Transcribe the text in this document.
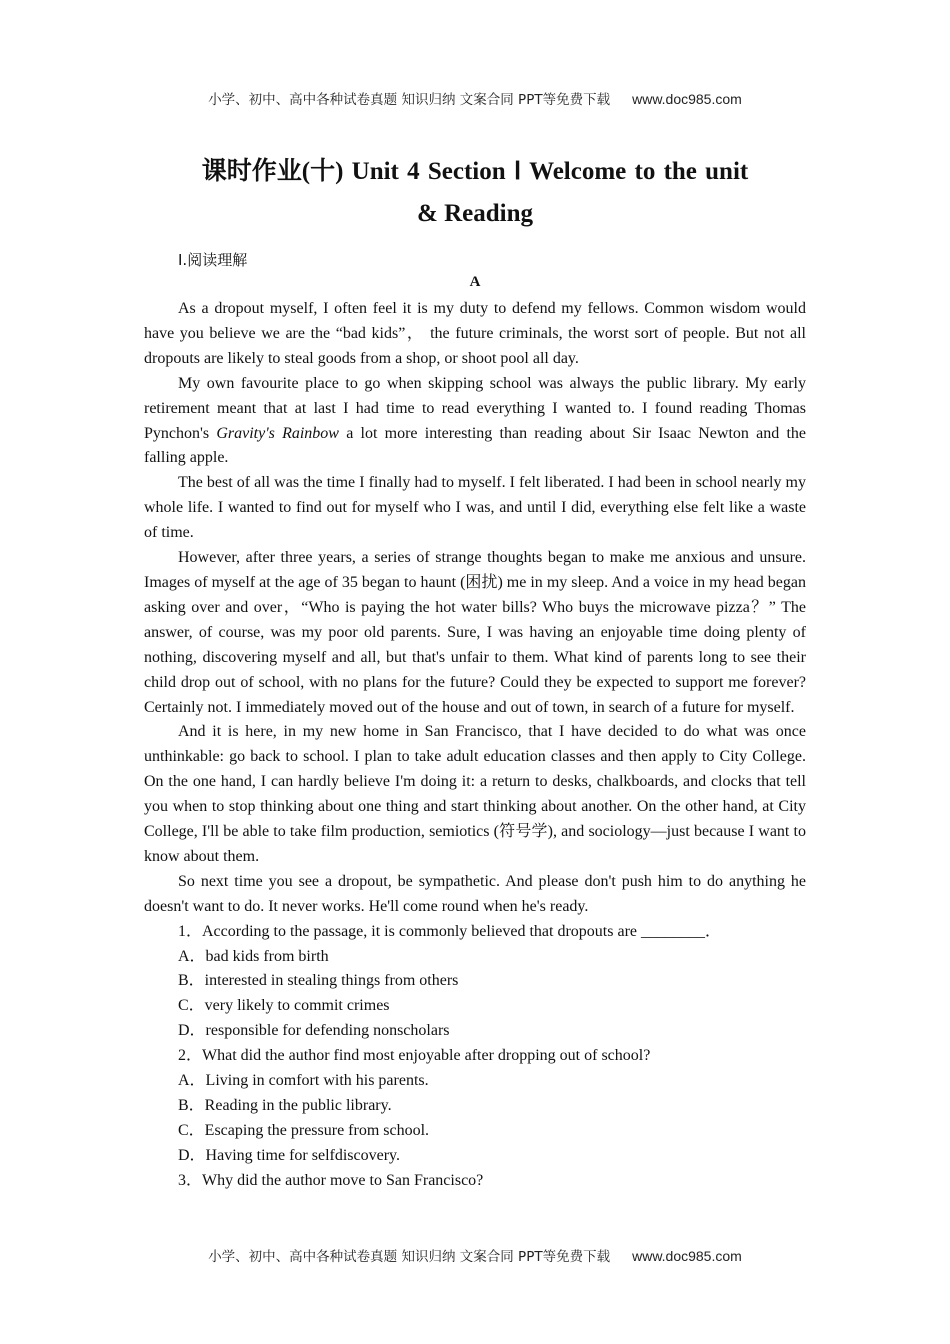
小学、初中、高中各种试卷真题 知识归纳 文案合同 PPT等免费下载 www.doc985.com
课时作业(十) Unit 4 Section Ⅰ Welcome to the unit
& Reading
Ⅰ.阅读理解
A

As a dropout myself, I often feel it is my duty to defend my fellows. Common wisdom would have you believe we are the “bad kids”， the future criminals, the worst sort of people. But not all dropouts are likely to steal goods from a shop, or shoot pool all day.

My own favourite place to go when skipping school was always the public library. My early retirement meant that at last I had time to read everything I wanted to. I found reading Thomas Pynchon's Gravity's Rainbow a lot more interesting than reading about Sir Isaac Newton and the falling apple.

The best of all was the time I finally had to myself. I felt liberated. I had been in school nearly my whole life. I wanted to find out for myself who I was, and until I did, everything else felt like a waste of time.

However, after three years, a series of strange thoughts began to make me anxious and unsure. Images of myself at the age of 35 began to haunt (困扰) me in my sleep. And a voice in my head began asking over and over，“Who is paying the hot water bills? Who buys the microwave pizza？” The answer, of course, was my poor old parents. Sure, I was having an enjoyable time doing plenty of nothing, discovering myself and all, but that's unfair to them. What kind of parents long to see their child drop out of school, with no plans for the future? Could they be expected to support me forever? Certainly not. I immediately moved out of the house and out of town, in search of a future for myself.

And it is here, in my new home in San Francisco, that I have decided to do what was once unthinkable: go back to school. I plan to take adult education classes and then apply to City College. On the one hand, I can hardly believe I'm doing it: a return to desks, chalkboards, and clocks that tell you when to stop thinking about one thing and start thinking about another. On the other hand, at City College, I'll be able to take film production, semiotics (符号学), and sociology—just because I want to know about them.

So next time you see a dropout, be sympathetic. And please don't push him to do anything he doesn't want to do. It never works. He'll come round when he's ready.

1．According to the passage, it is commonly believed that dropouts are ________．
A．bad kids from birth
B．interested in stealing things from others
C．very likely to commit crimes
D．responsible for defending nonscholars
2．What did the author find most enjoyable after dropping out of school?
A．Living in comfort with his parents.
B．Reading in the public library.
C．Escaping the pressure from school.
D．Having time for selfdiscovery.
3．Why did the author move to San Francisco?
小学、初中、高中各种试卷真题 知识归纳 文案合同 PPT等免费下载 www.doc985.com
